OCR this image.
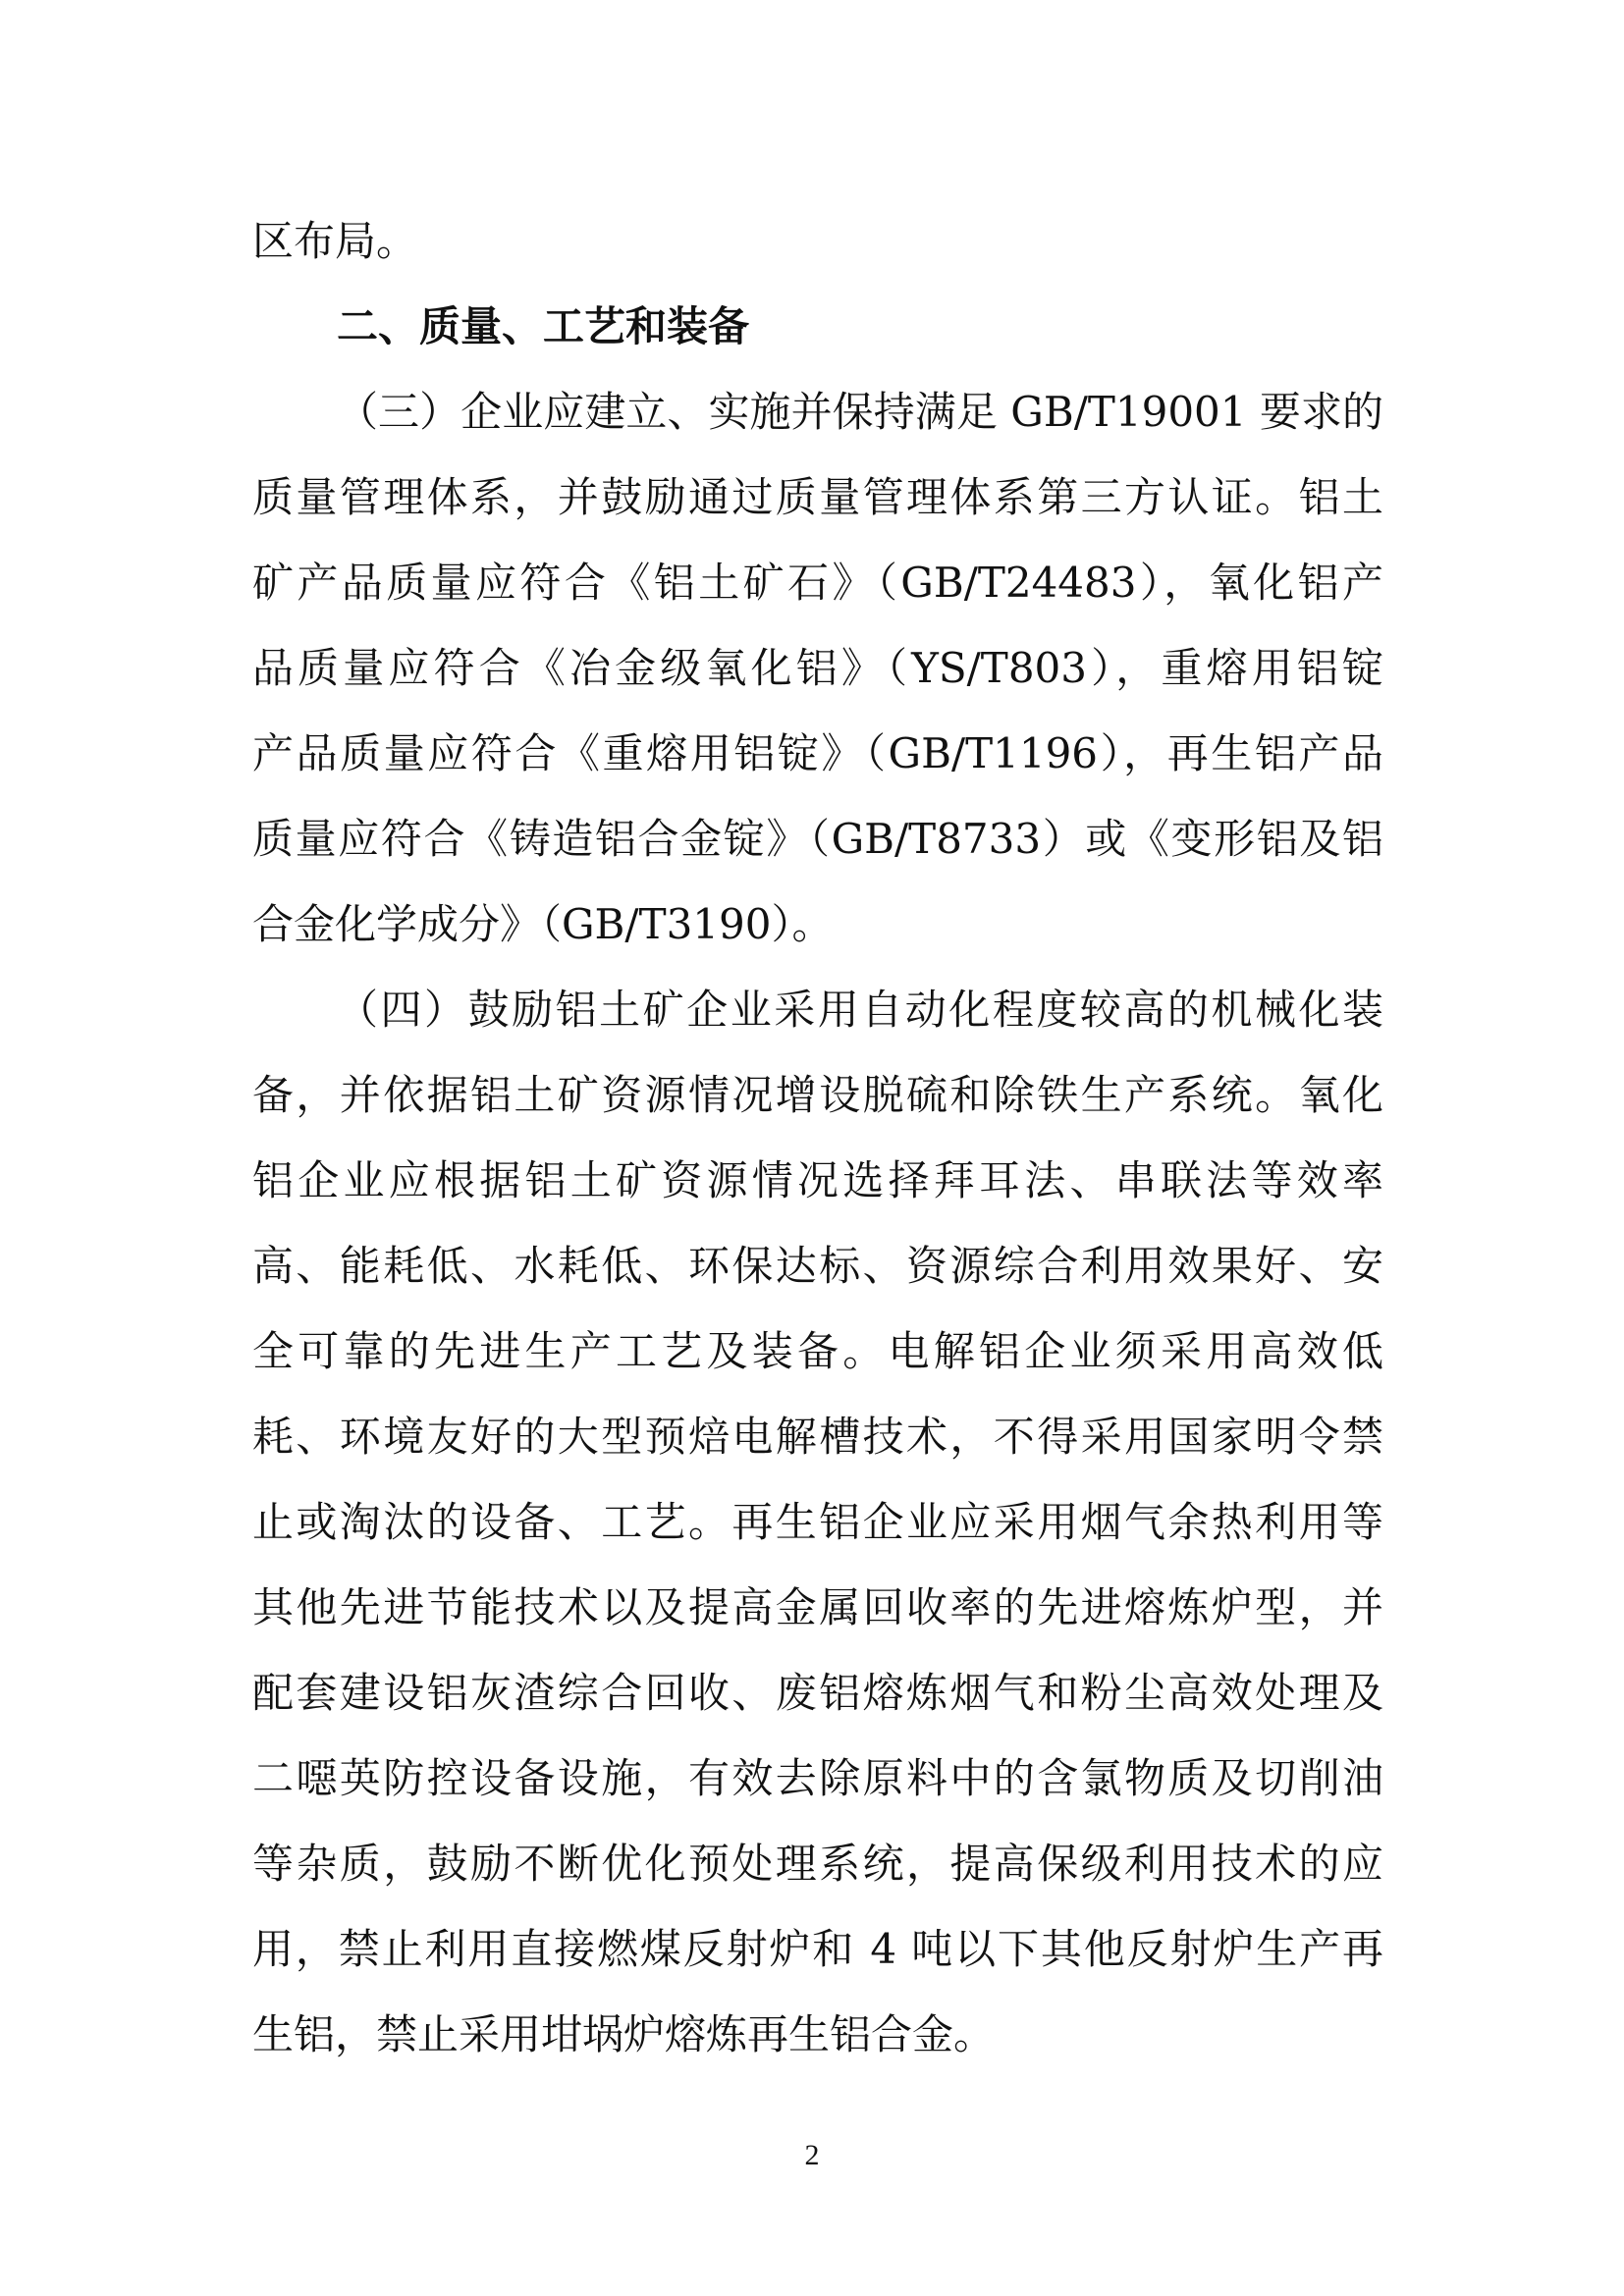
区布局。
二、质量、工艺和装备
（三）企业应建立、实施并保持满足 GB/T19001 要求的
质量管理体系，并鼓励通过质量管理体系第三方认证。铝土
矿产品质量应符合《铝土矿石》（GB/T24483），氧化铝产
品质量应符合《冶金级氧化铝》（YS/T803），重熔用铝锭
产品质量应符合《重熔用铝锭》（GB/T1196），再生铝产品
质量应符合《铸造铝合金锭》（GB/T8733）或《变形铝及铝
合金化学成分》（GB/T3190）。
（四）鼓励铝土矿企业采用自动化程度较高的机械化装
备，并依据铝土矿资源情况增设脱硫和除铁生产系统。氧化
铝企业应根据铝土矿资源情况选择拜耳法、串联法等效率
高、能耗低、水耗低、环保达标、资源综合利用效果好、安
全可靠的先进生产工艺及装备。电解铝企业须采用高效低
耗、环境友好的大型预焙电解槽技术，不得采用国家明令禁
止或淘汰的设备、工艺。再生铝企业应采用烟气余热利用等
其他先进节能技术以及提高金属回收率的先进熔炼炉型，并
配套建设铝灰渣综合回收、废铝熔炼烟气和粉尘高效处理及
二噁英防控设备设施，有效去除原料中的含氯物质及切削油
等杂质，鼓励不断优化预处理系统，提高保级利用技术的应
用，禁止利用直接燃煤反射炉和 4 吨以下其他反射炉生产再
生铝，禁止采用坩埚炉熔炼再生铝合金。
2
